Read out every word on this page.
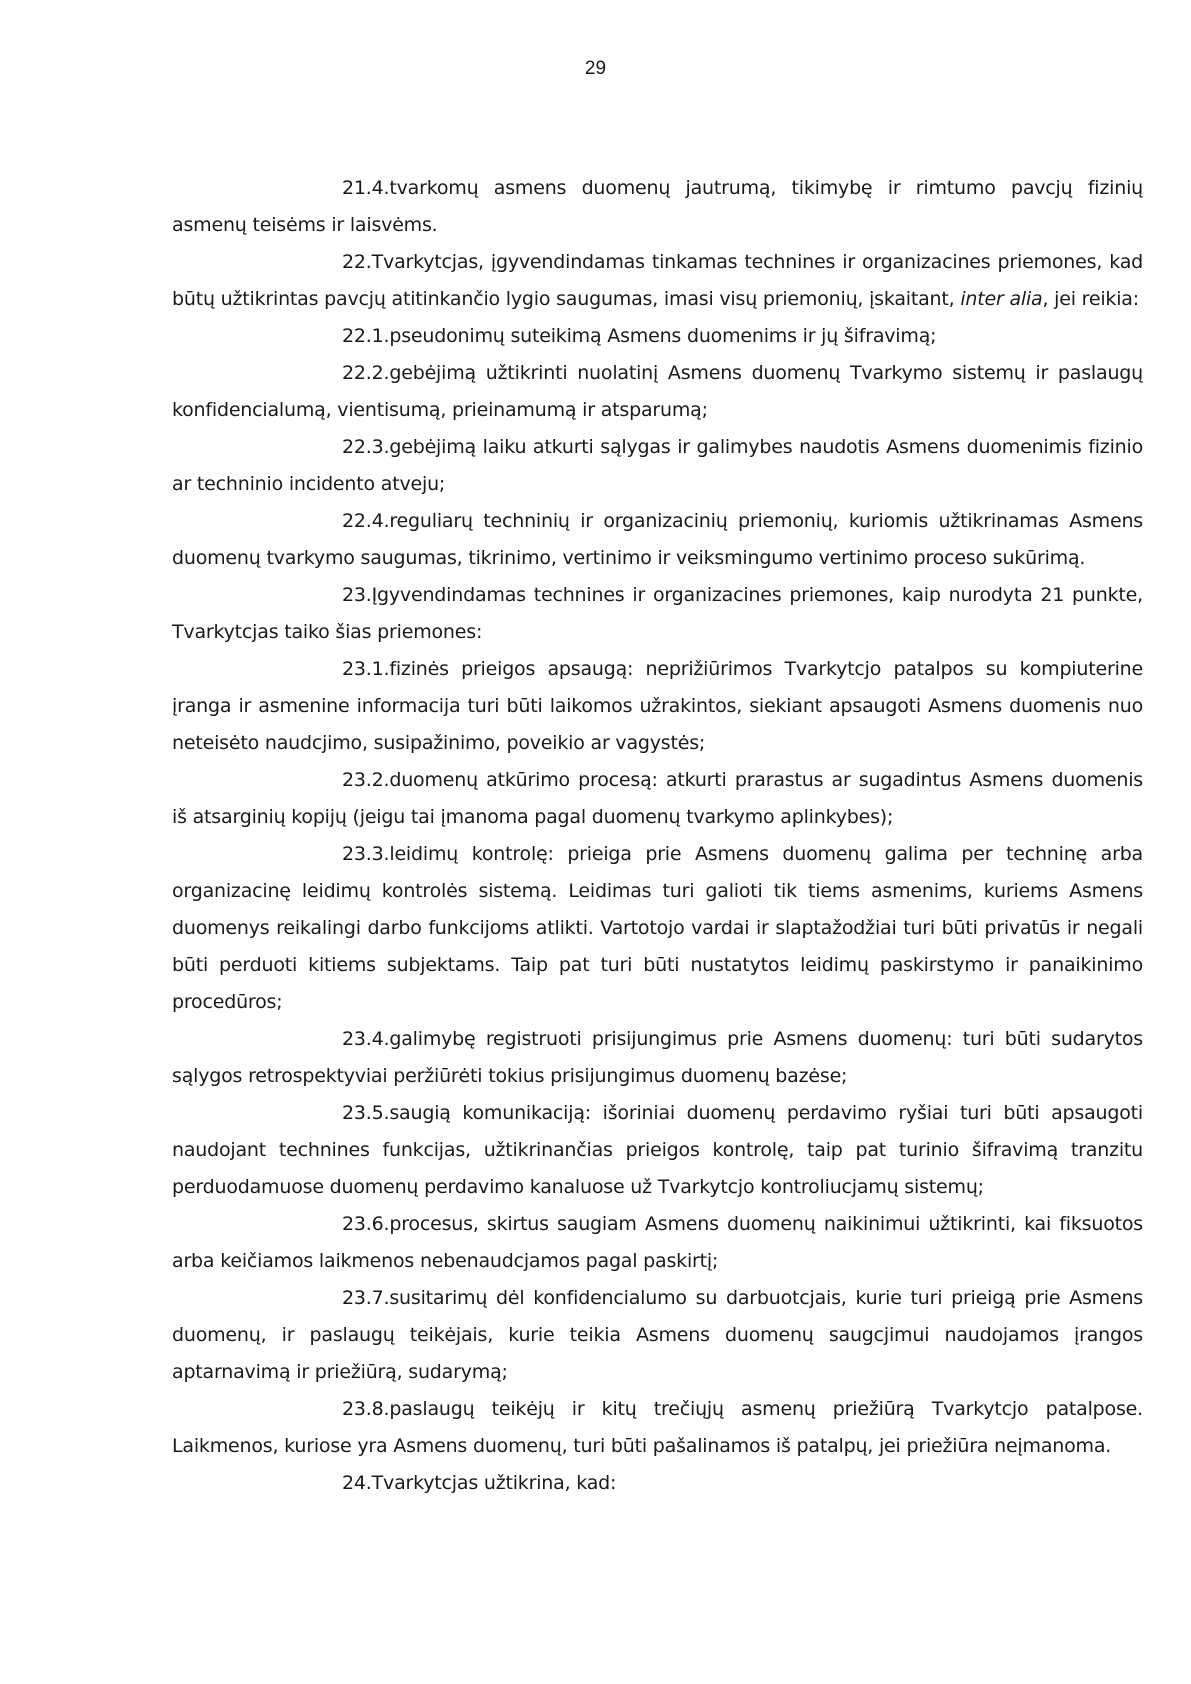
29

21.4.tvarkomų asmens duomenų jautrumą, tikimybę ir rimtumo pavcjų fizinių asmenų teisėms ir laisvėms.

22.Tvarkytcjas, įgyvendindamas tinkamas technines ir organizacines priemones, kad būtų užtikrintas pavcjų atitinkančio lygio saugumas, imasi visų priemonių, įskaitant, inter alia, jei reikia:

22.1.pseudonimų suteikimą Asmens duomenims ir jų šifravimą;

22.2.gebėjimą užtikrinti nuolatinį Asmens duomenų Tvarkymo sistemų ir paslaugų konfidencialumą, vientisumą, prieinamumą ir atsparumą;

22.3.gebėjimą laiku atkurti sąlygas ir galimybes naudotis Asmens duomenimis fizinio ar techninio incidento atveju;

22.4.reguliarų techninių ir organizacinių priemonių, kuriomis užtikrinamas Asmens duomenų tvarkymo saugumas, tikrinimo, vertinimo ir veiksmingumo vertinimo proceso sukūrimą.

23.Įgyvendindamas technines ir organizacines priemones, kaip nurodyta 21 punkte, Tvarkytcjas taiko šias priemones:

23.1.fizinės prieigos apsaugą: neprižiūrimos Tvarkytcjo patalpos su kompiuterine įranga ir asmenine informacija turi būti laikomos užrakintos, siekiant apsaugoti Asmens duomenis nuo neteisėto naudcjimo, susipažinimo, poveikio ar vagystės;

23.2.duomenų atkūrimo procesą: atkurti prarastus ar sugadintus Asmens duomenis iš atsarginių kopijų (jeigu tai įmanoma pagal duomenų tvarkymo aplinkybes);

23.3.leidimų kontrolę: prieiga prie Asmens duomenų galima per techninę arba organizacinę leidimų kontrolės sistemą. Leidimas turi galioti tik tiems asmenims, kuriems Asmens duomenys reikalingi darbo funkcijoms atlikti. Vartotojo vardai ir slaptažodžiai turi būti privatūs ir negali būti perduoti kitiems subjektams. Taip pat turi būti nustatytos leidimų paskirstymo ir panaikinimo procedūros;

23.4.galimybę registruoti prisijungimus prie Asmens duomenų: turi būti sudarytos sąlygos retrospektyviai peržiūrėti tokius prisijungimus duomenų bazėse;

23.5.saugią komunikaciją: išoriniai duomenų perdavimo ryšiai turi būti apsaugoti naudojant technines funkcijas, užtikrinančias prieigos kontrolę, taip pat turinio šifravimą tranzitu perduodamuose duomenų perdavimo kanaluose už Tvarkytcjo kontroliucjamų sistemų;

23.6.procesus, skirtus saugiam Asmens duomenų naikinimui užtikrinti, kai fiksuotos arba keičiamos laikmenos nebenaudcjamos pagal paskirtį;

23.7.susitarimų dėl konfidencialumo su darbuotcjais, kurie turi prieigą prie Asmens duomenų, ir paslaugų teikėjais, kurie teikia Asmens duomenų saugcjimui naudojamos įrangos aptarnavimą ir priežiūrą, sudarymą;

23.8.paslaugų teikėjų ir kitų trečiųjų asmenų priežiūrą Tvarkytcjo patalpose. Laikmenos, kuriose yra Asmens duomenų, turi būti pašalinamos iš patalpų, jei priežiūra neįmanoma.

24.Tvarkytcjas užtikrina, kad:
